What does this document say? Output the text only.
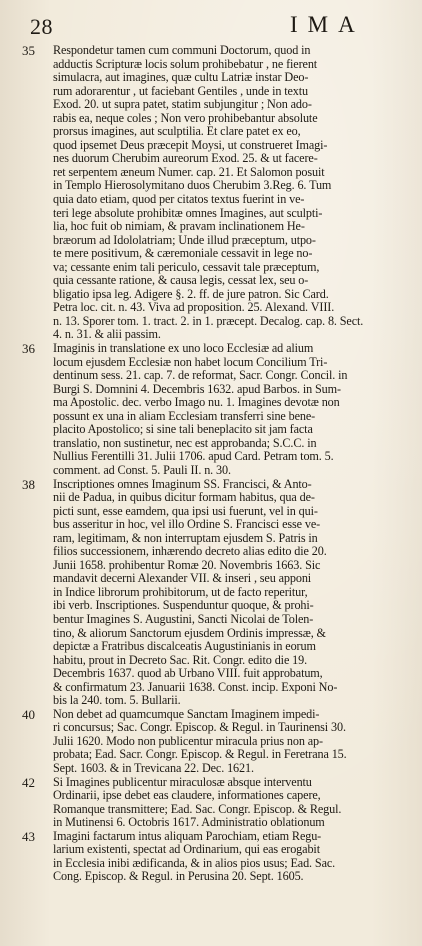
28	IMA
35 Respondetur tamen cum communi Doctorum, quod in
adductis Scripturæ locis solum prohibebatur , ne fierent
simulacra, aut imagines, quæ cultu Latriæ instar Deo-
rum adorarentur , ut faciebant Gentiles , unde in textu
Exod. 20. ut supra patet, statim subjungitur ; Non ado-
rabis ea, neque coles ; Non vero prohibebantur absolute
prorsus imagines, aut sculptilia. Et clare patet ex eo,
quod ipsemet Deus præcepit Moysi, ut construeret Imagi-
nes duorum Cherubim aureorum Exod. 25. & ut facere-
ret serpentem æneum Numer. cap. 21. Et Salomon posuit
in Templo Hierosolymitano duos Cherubim 3.Reg. 6. Tum
quia dato etiam, quod per citatos textus fuerint in ve-
teri lege absolute prohibitæ omnes Imagines, aut sculpti-
lia, hoc fuit ob nimiam, & pravam inclinationem He-
bræorum ad Idololatriam; Unde illud præceptum, utpo-
te mere positivum, & cæremoniale cessavit in lege no-
va; cessante enim tali periculo, cessavit tale præceptum,
quia cessante ratione, & causa legis, cessat lex, seu o-
bligatio ipsa leg. Adigere §. 2. ff. de jure patron. Sic Card.
Petra loc. cit. n. 43. Viva ad proposition. 25. Alexand. VIII.
n. 13. Sporer tom. 1. tract. 2. in 1. præcept. Decalog. cap. 8. Sect.
4. n. 31. & alii passim.
36 Imaginis in translatione ex uno loco Ecclesiæ ad alium
locum ejusdem Ecclesiæ non habet locum Concilium Tri-
dentinum sess. 21. cap. 7. de reformat, Sacr. Congr. Concil. in
Burgi S. Domnini 4. Decembris 1632. apud Barbos. in Sum-
ma Apostolic. dec. verbo Imago nu. 1. Imagines devotæ non
possunt ex una in aliam Ecclesiam transferri sine bene-
placito Apostolico; si sine tali beneplacito sit jam facta
translatio, non sustinetur, nec est approbanda; S.C.C. in
Nullius Ferentilli 31. Julii 1706. apud Card. Petram tom. 5.
comment. ad Const. 5. Pauli II. n. 30.
38 Inscriptiones omnes Imaginum SS. Francisci, & Anto-
nii de Padua, in quibus dicitur formam habitus, qua de-
picti sunt, esse eamdem, qua ipsi usi fuerunt, vel in qui-
bus asseritur in hoc, vel illo Ordine S. Francisci esse ve-
ram, legitimam, & non interruptam ejusdem S. Patris in
filios successionem, inhærendo decreto alias edito die 20.
Junii 1658. prohibentur Romæ 20. Novembris 1663. Sic
mandavit decerni Alexander VII. & inseri , seu apponi
in Indice librorum prohibitorum, ut de facto reperitur,
ibi verb. Inscriptiones. Suspenduntur quoque, & prohi-
bentur Imagines S. Augustini, Sancti Nicolai de Tolen-
tino, & aliorum Sanctorum ejusdem Ordinis impressæ, &
depictæ a Fratribus discalceatis Augustinianis in eorum
habitu, prout in Decreto Sac. Rit. Congr. edito die 19.
Decembris 1637. quod ab Urbano VIII. fuit approbatum,
& confirmatum 23. Januarii 1638. Const. incip. Exponi No-
bis la 240. tom. 5. Bullarii.
40 Non debet ad quamcumque Sanctam Imaginem impedi-
ri concursus; Sac. Congr. Episcop. & Regul. in Taurinensi 30.
Julii 1620. Modo non publicentur miracula prius non ap-
probata; Ead. Sacr. Congr. Episcop. & Regul. in Feretrana 15.
Sept. 1603. & in Trevicana 22. Dec. 1621.
42 Si Imagines publicentur miraculosæ absque interventu
Ordinarii, ipse debet eas claudere, informationes capere,
Romanque transmittere; Ead. Sac. Congr. Episcop. & Regul.
in Mutinensi 6. Octobris 1617. Administratio oblationum
43 Imagini factarum intus aliquam Parochiam, etiam Regu-
larium existenti, spectat ad Ordinarium, qui eas erogabit
in Ecclesia inibi ædificanda, & in alios pios usus; Ead. Sac.
Cong. Episcop. & Regul. in Perusina 20. Sept. 1605.
